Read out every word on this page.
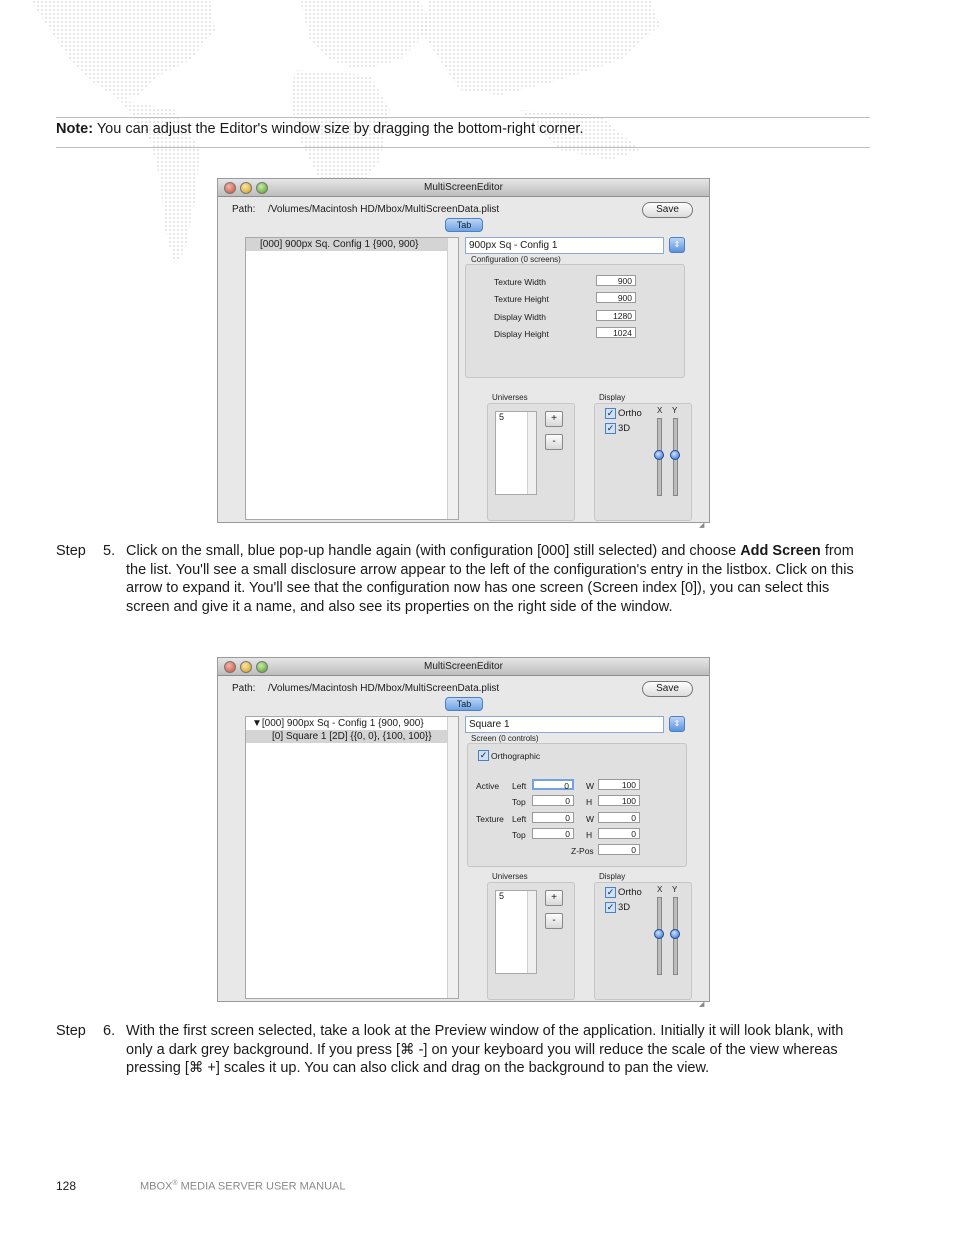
Note: You can adjust the Editor's window size by dragging the bottom-right corner.
MultiScreenEditor
Path: /Volumes/Macintosh HD/Mbox/MultiScreenData.plist	Save
Tab
[000] 900px Sq. Config 1 {900, 900}	900px Sq - Config 1	⇕
Configuration (0 screens)
Texture Width	900
Texture Height	900
Display Width	1280
Display Height	1024
Universes
5	+
-
Display
✓ Ortho
✓ 3D
X Y
◢
Step 5. Click on the small, blue pop-up handle again (with configuration [000] still selected) and choose Add Screen from the list. You'll see a small disclosure arrow appear to the left of the configuration's entry in the listbox. Click on this arrow to expand it. You'll see that the configuration now has one screen (Screen index [0]), you can select this screen and give it a name, and also see its properties on the right side of the window.
MultiScreenEditor
Path: /Volumes/Macintosh HD/Mbox/MultiScreenData.plist	Save
Tab
▼[000] 900px Sq - Config 1 {900, 900}
[0] Square 1 [2D] {{0, 0}, {100, 100}}
Square 1	⇕
Screen (0 controls)
✓ Orthographic
Active Left	0	W	100
Top	0	H	100
Texture Left	0	W	0
Top	0	H	0
Z-Pos	0
Universes
5	+
-
Display
✓ Ortho
✓ 3D
X Y
◢
Step 6. With the first screen selected, take a look at the Preview window of the application. Initially it will look blank, with only a dark grey background. If you press [⌘ -] on your keyboard you will reduce the scale of the view whereas pressing [⌘ +] scales it up. You can also click and drag on the background to pan the view.
128	MBOX® MEDIA SERVER USER MANUAL
